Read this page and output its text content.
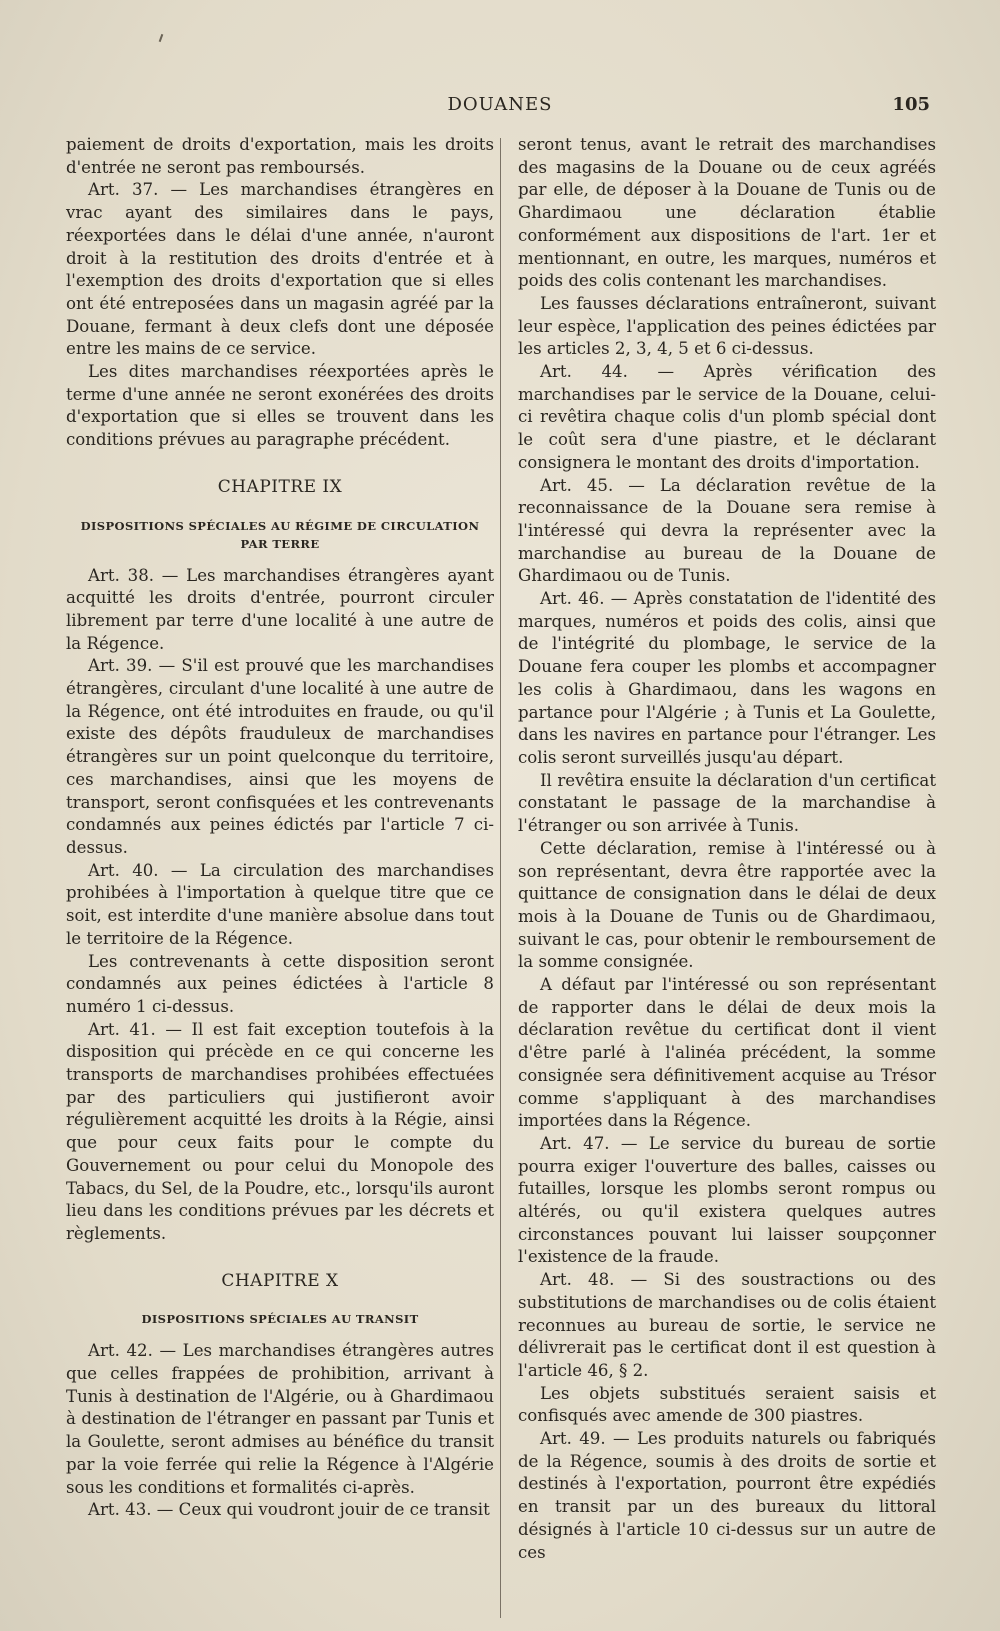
DOUANES	105

paiement de droits d'exportation, mais les droits d'entrée ne seront pas remboursés.

Art. 37. — Les marchandises étrangères en vrac ayant des similaires dans le pays, réexportées dans le délai d'une année, n'auront droit à la restitution des droits d'entrée et à l'exemption des droits d'exportation que si elles ont été entreposées dans un magasin agréé par la Douane, fermant à deux clefs dont une déposée entre les mains de ce service.

Les dites marchandises réexportées après le terme d'une année ne seront exonérées des droits d'exportation que si elles se trouvent dans les conditions prévues au paragraphe précédent.

CHAPITRE IX
DISPOSITIONS SPÉCIALES AU RÉGIME DE CIRCULATION PAR TERRE

Art. 38. — Les marchandises étrangères ayant acquitté les droits d'entrée, pourront circuler librement par terre d'une localité à une autre de la Régence.

Art. 39. — S'il est prouvé que les marchandises étrangères, circulant d'une localité à une autre de la Régence, ont été introduites en fraude, ou qu'il existe des dépôts frauduleux de marchandises étrangères sur un point quelconque du territoire, ces marchandises, ainsi que les moyens de transport, seront confisquées et les contrevenants condamnés aux peines édictés par l'article 7 ci-dessus.

Art. 40. — La circulation des marchandises prohibées à l'importation à quelque titre que ce soit, est interdite d'une manière absolue dans tout le territoire de la Régence.

Les contrevenants à cette disposition seront condamnés aux peines édictées à l'article 8 numéro 1 ci-dessus.

Art. 41. — Il est fait exception toutefois à la disposition qui précède en ce qui concerne les transports de marchandises prohibées effectuées par des particuliers qui justifieront avoir régulièrement acquitté les droits à la Régie, ainsi que pour ceux faits pour le compte du Gouvernement ou pour celui du Monopole des Tabacs, du Sel, de la Poudre, etc., lorsqu'ils auront lieu dans les conditions prévues par les décrets et règlements.

CHAPITRE X
DISPOSITIONS SPÉCIALES AU TRANSIT

Art. 42. — Les marchandises étrangères autres que celles frappées de prohibition, arrivant à Tunis à destination de l'Algérie, ou à Ghardimaou à destination de l'étranger en passant par Tunis et la Goulette, seront admises au bénéfice du transit par la voie ferrée qui relie la Régence à l'Algérie sous les conditions et formalités ci-après.

Art. 43. — Ceux qui voudront jouir de ce transit

seront tenus, avant le retrait des marchandises des magasins de la Douane ou de ceux agréés par elle, de déposer à la Douane de Tunis ou de Ghardimaou une déclaration établie conformément aux dispositions de l'art. 1er et mentionnant, en outre, les marques, numéros et poids des colis contenant les marchandises.

Les fausses déclarations entraîneront, suivant leur espèce, l'application des peines édictées par les articles 2, 3, 4, 5 et 6 ci-dessus.

Art. 44. — Après vérification des marchandises par le service de la Douane, celui-ci revêtira chaque colis d'un plomb spécial dont le coût sera d'une piastre, et le déclarant consignera le montant des droits d'importation.

Art. 45. — La déclaration revêtue de la reconnaissance de la Douane sera remise à l'intéressé qui devra la représenter avec la marchandise au bureau de la Douane de Ghardimaou ou de Tunis.

Art. 46. — Après constatation de l'identité des marques, numéros et poids des colis, ainsi que de l'intégrité du plombage, le service de la Douane fera couper les plombs et accompagner les colis à Ghardimaou, dans les wagons en partance pour l'Algérie ; à Tunis et La Goulette, dans les navires en partance pour l'étranger. Les colis seront surveillés jusqu'au départ.

Il revêtira ensuite la déclaration d'un certificat constatant le passage de la marchandise à l'étranger ou son arrivée à Tunis.

Cette déclaration, remise à l'intéressé ou à son représentant, devra être rapportée avec la quittance de consignation dans le délai de deux mois à la Douane de Tunis ou de Ghardimaou, suivant le cas, pour obtenir le remboursement de la somme consignée.

A défaut par l'intéressé ou son représentant de rapporter dans le délai de deux mois la déclaration revêtue du certificat dont il vient d'être parlé à l'alinéa précédent, la somme consignée sera définitivement acquise au Trésor comme s'appliquant à des marchandises importées dans la Régence.

Art. 47. — Le service du bureau de sortie pourra exiger l'ouverture des balles, caisses ou futailles, lorsque les plombs seront rompus ou altérés, ou qu'il existera quelques autres circonstances pouvant lui laisser soupçonner l'existence de la fraude.

Art. 48. — Si des soustractions ou des substitutions de marchandises ou de colis étaient reconnues au bureau de sortie, le service ne délivrerait pas le certificat dont il est question à l'article 46, § 2.

Les objets substitués seraient saisis et confisqués avec amende de 300 piastres.

Art. 49. — Les produits naturels ou fabriqués de la Régence, soumis à des droits de sortie et destinés à l'exportation, pourront être expédiés en transit par un des bureaux du littoral désignés à l'article 10 ci-dessus sur un autre de ces
